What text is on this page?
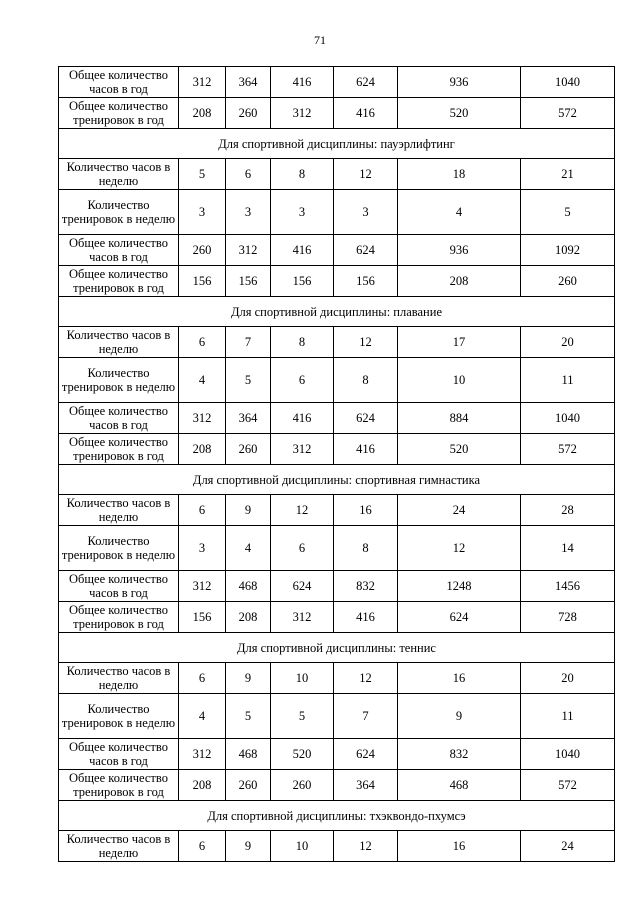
71
Общее количество часов в год	312	364	416	624	936	1040
Общее количество тренировок в год	208	260	312	416	520	572
Для спортивной дисциплины: пауэрлифтинг						
Количество часов в неделю	5	6	8	12	18	21
Количество тренировок в неделю	3	3	3	3	4	5
Общее количество часов в год	260	312	416	624	936	1092
Общее количество тренировок в год	156	156	156	156	208	260
Для спортивной дисциплины: плавание						
Количество часов в неделю	6	7	8	12	17	20
Количество тренировок в неделю	4	5	6	8	10	11
Общее количество часов в год	312	364	416	624	884	1040
Общее количество тренировок в год	208	260	312	416	520	572
Для спортивной дисциплины: спортивная гимнастика						
Количество часов в неделю	6	9	12	16	24	28
Количество тренировок в неделю	3	4	6	8	12	14
Общее количество часов в год	312	468	624	832	1248	1456
Общее количество тренировок в год	156	208	312	416	624	728
Для спортивной дисциплины: теннис						
Количество часов в неделю	6	9	10	12	16	20
Количество тренировок в неделю	4	5	5	7	9	11
Общее количество часов в год	312	468	520	624	832	1040
Общее количество тренировок в год	208	260	260	364	468	572
Для спортивной дисциплины: тхэквондо-пхумсэ						
Количество часов в неделю	6	9	10	12	16	24
